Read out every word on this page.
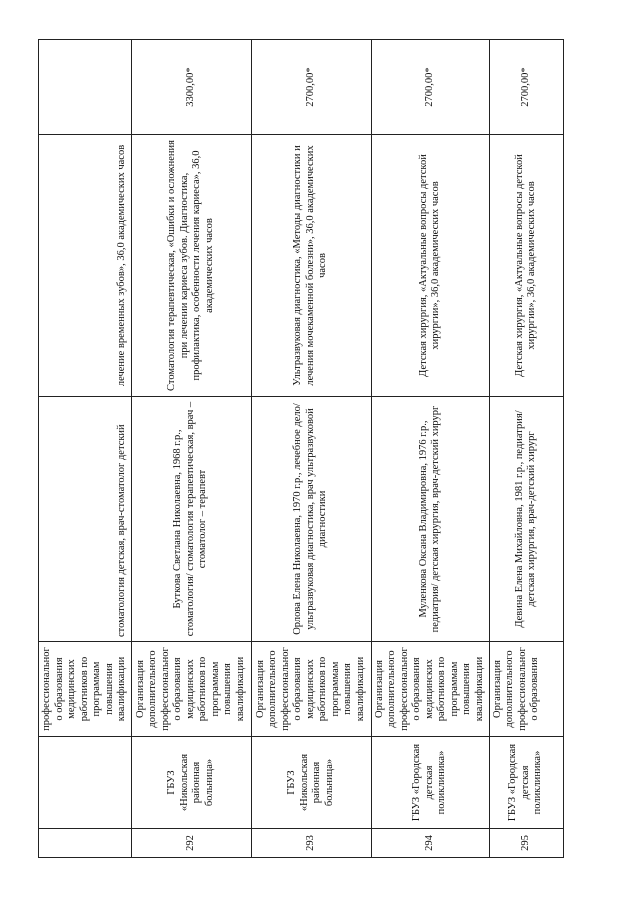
		профессионального образования медицинских работников по программам повышения квалификации	стоматология детская, врач-стоматолог детский	лечение временных зубов», 36,0 академических часов	
292	ГБУЗ «Никольская районная больница»	Организация дополнительного профессионального образования медицинских работников по программам повышения квалификации	Буткова Светлана Николаевна, 1968 г.р., стоматология/ стоматология терапевтическая, врач – стоматолог – терапевт	Стоматология терапевтическая, «Ошибки и осложнения при лечении кариеса зубов. Диагностика, профилактика, особенности лечения кариеса», 36,0 академических часов	3300,00*
293	ГБУЗ «Никольская районная больница»	Организация дополнительного профессионального образования медицинских работников по программам повышения квалификации	Орлова Елена Николаевна, 1970 г.р., лечебное дело/ ультразвуковая диагностика, врач ультразвуковой диагностики	Ультразвуковая диагностика, «Методы диагностики и лечения мочекаменной болезни», 36,0 академических часов	2700,00*
294	ГБУЗ «Городская детская поликлиника»	Организация дополнительного профессионального образования медицинских работников по программам повышения квалификации	Муленкова Оксана Владимировна, 1976 г.р., педиатрия/ детская хирургия, врач-детский хирург	Детская хирургия, «Актуальные вопросы детской хирургии», 36,0 академических часов	2700,00*
295	ГБУЗ «Городская детская поликлиника»	Организация дополнительного профессионального образования	Девина Елена Михайловна, 1981 г.р., педиатрия/ детская хирургия, врач-детский хирург	Детская хирургия, «Актуальные вопросы детской хирургии», 36,0 академических часов	2700,00*
